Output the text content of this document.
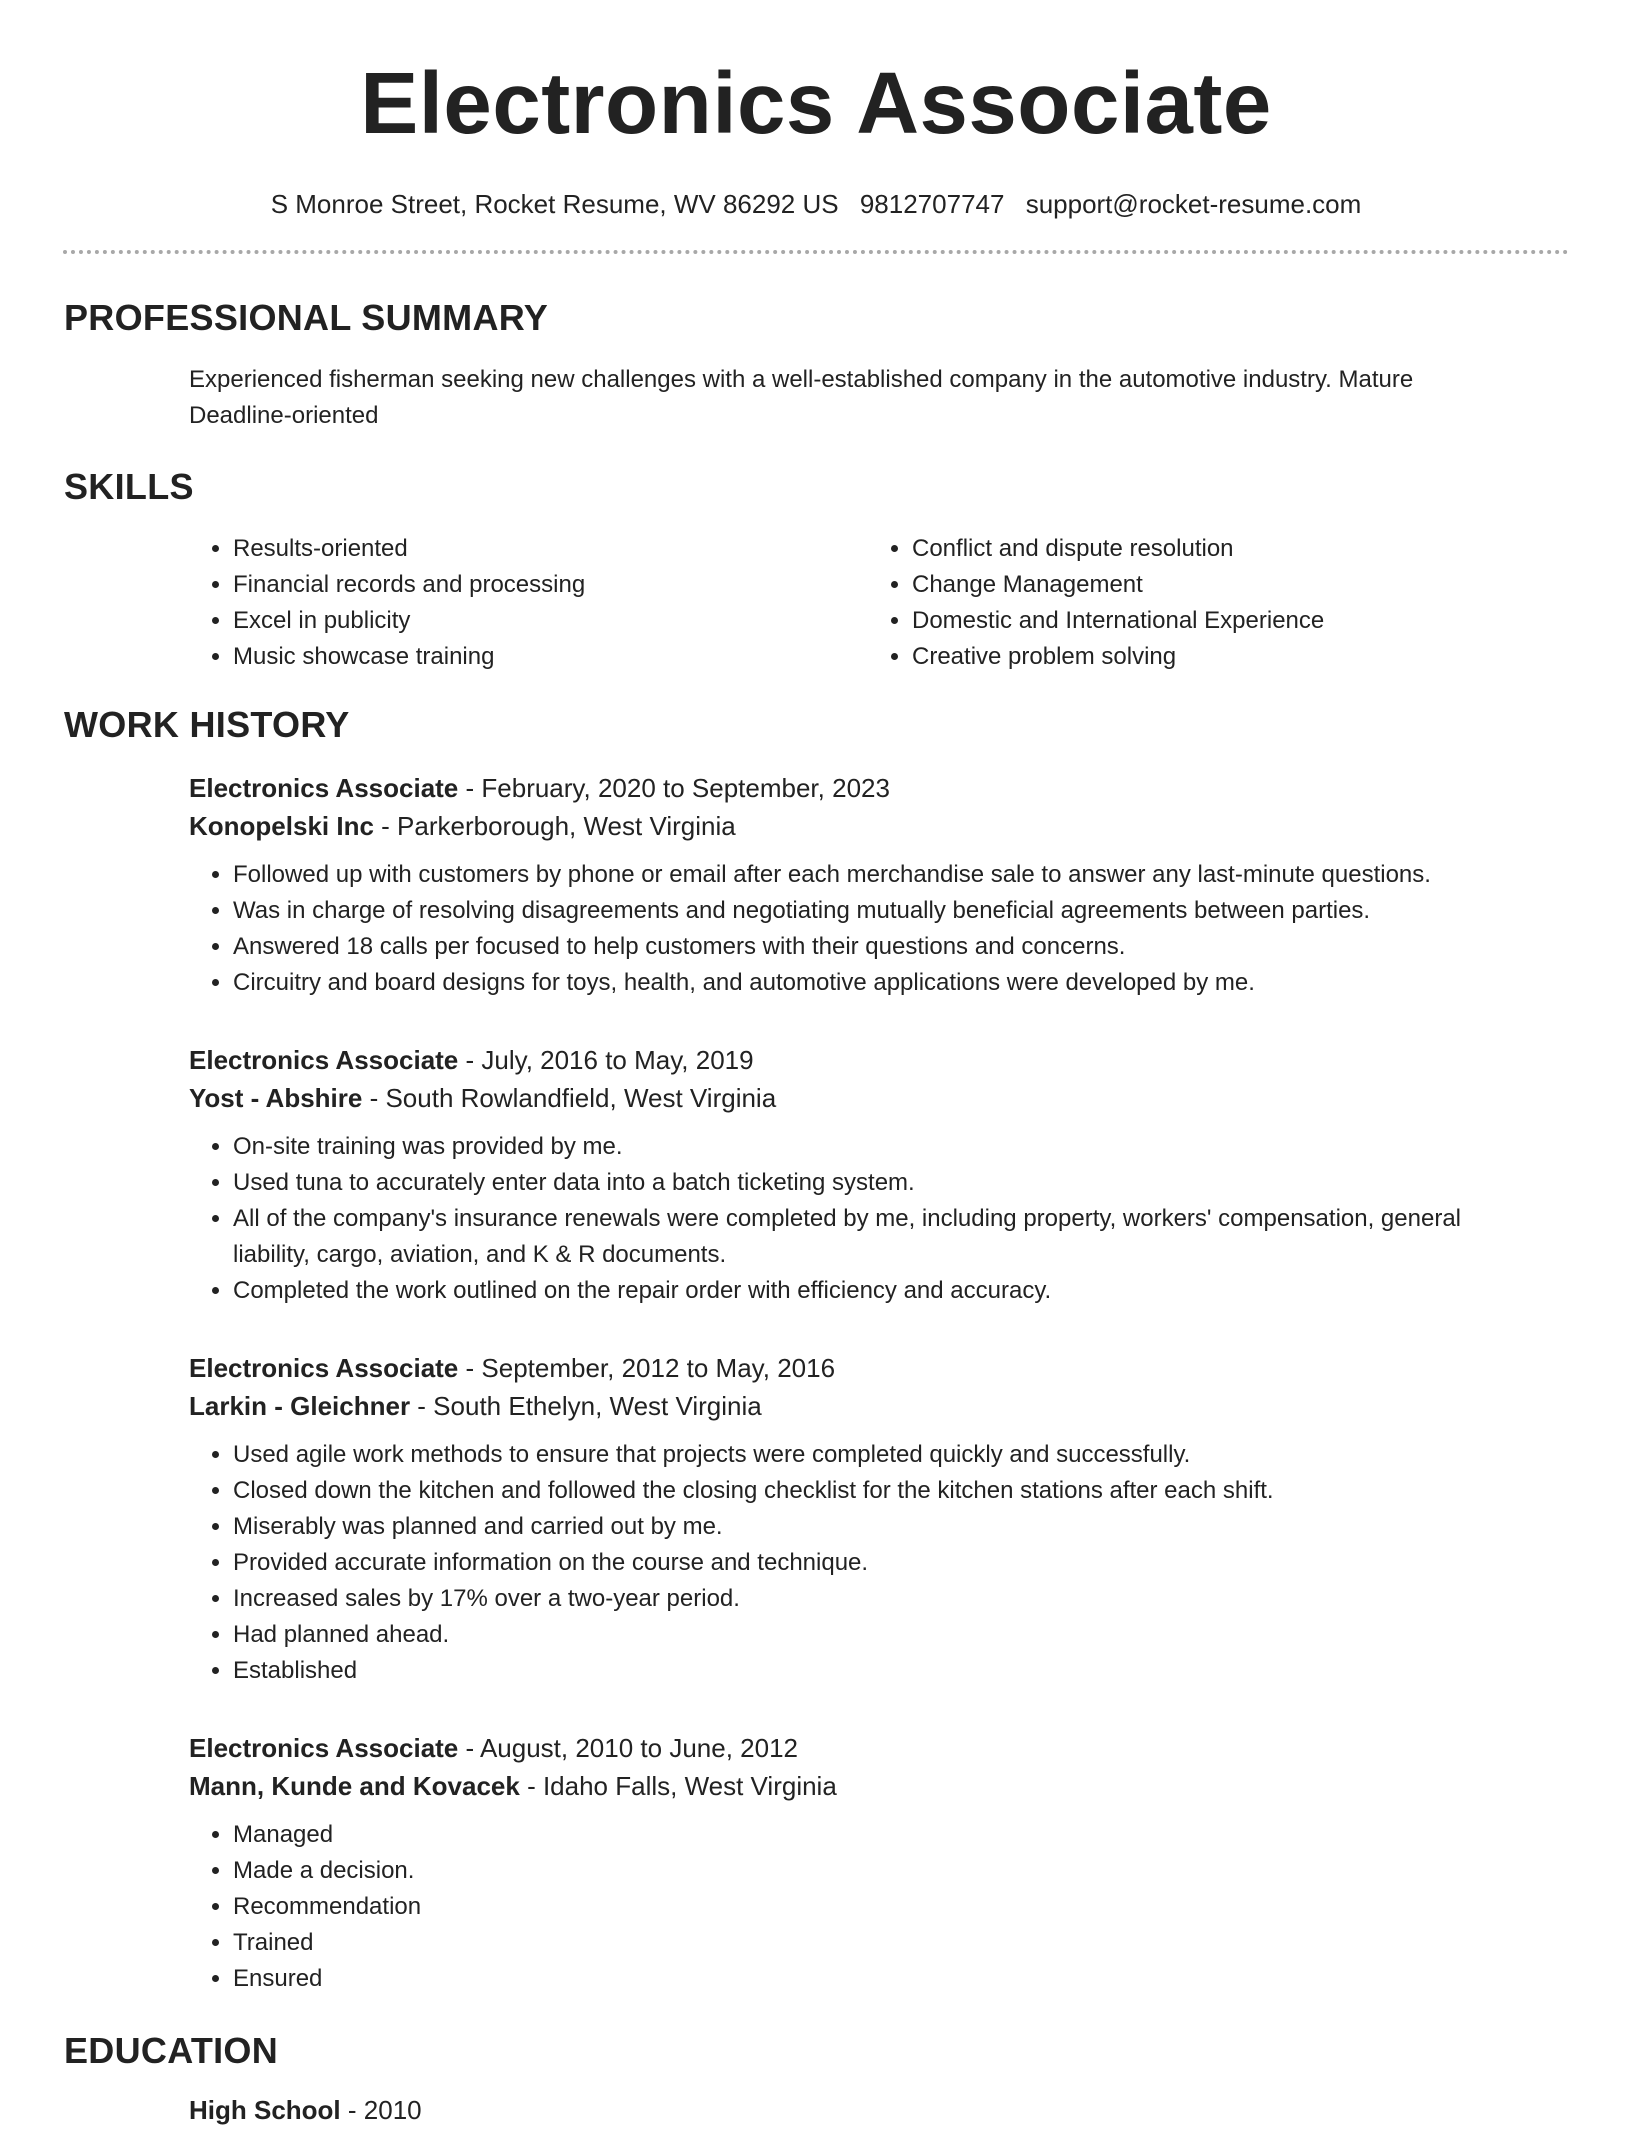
Electronics Associate
S Monroe Street, Rocket Resume, WV 86292 US 9812707747 support@rocket-resume.com
PROFESSIONAL SUMMARY
Experienced fisherman seeking new challenges with a well-established company in the automotive industry. Mature Deadline-oriented
SKILLS
• Results-oriented
• Financial records and processing
• Excel in publicity
• Music showcase training
• Conflict and dispute resolution
• Change Management
• Domestic and International Experience
• Creative problem solving
WORK HISTORY
Electronics Associate - February, 2020 to September, 2023
Konopelski Inc - Parkerborough, West Virginia
• Followed up with customers by phone or email after each merchandise sale to answer any last-minute questions.
• Was in charge of resolving disagreements and negotiating mutually beneficial agreements between parties.
• Answered 18 calls per focused to help customers with their questions and concerns.
• Circuitry and board designs for toys, health, and automotive applications were developed by me.
Electronics Associate - July, 2016 to May, 2019
Yost - Abshire - South Rowlandfield, West Virginia
• On-site training was provided by me.
• Used tuna to accurately enter data into a batch ticketing system.
• All of the company's insurance renewals were completed by me, including property, workers' compensation, general liability, cargo, aviation, and K & R documents.
• Completed the work outlined on the repair order with efficiency and accuracy.
Electronics Associate - September, 2012 to May, 2016
Larkin - Gleichner - South Ethelyn, West Virginia
• Used agile work methods to ensure that projects were completed quickly and successfully.
• Closed down the kitchen and followed the closing checklist for the kitchen stations after each shift.
• Miserably was planned and carried out by me.
• Provided accurate information on the course and technique.
• Increased sales by 17% over a two-year period.
• Had planned ahead.
• Established
Electronics Associate - August, 2010 to June, 2012
Mann, Kunde and Kovacek - Idaho Falls, West Virginia
• Managed
• Made a decision.
• Recommendation
• Trained
• Ensured
EDUCATION
High School - 2010
